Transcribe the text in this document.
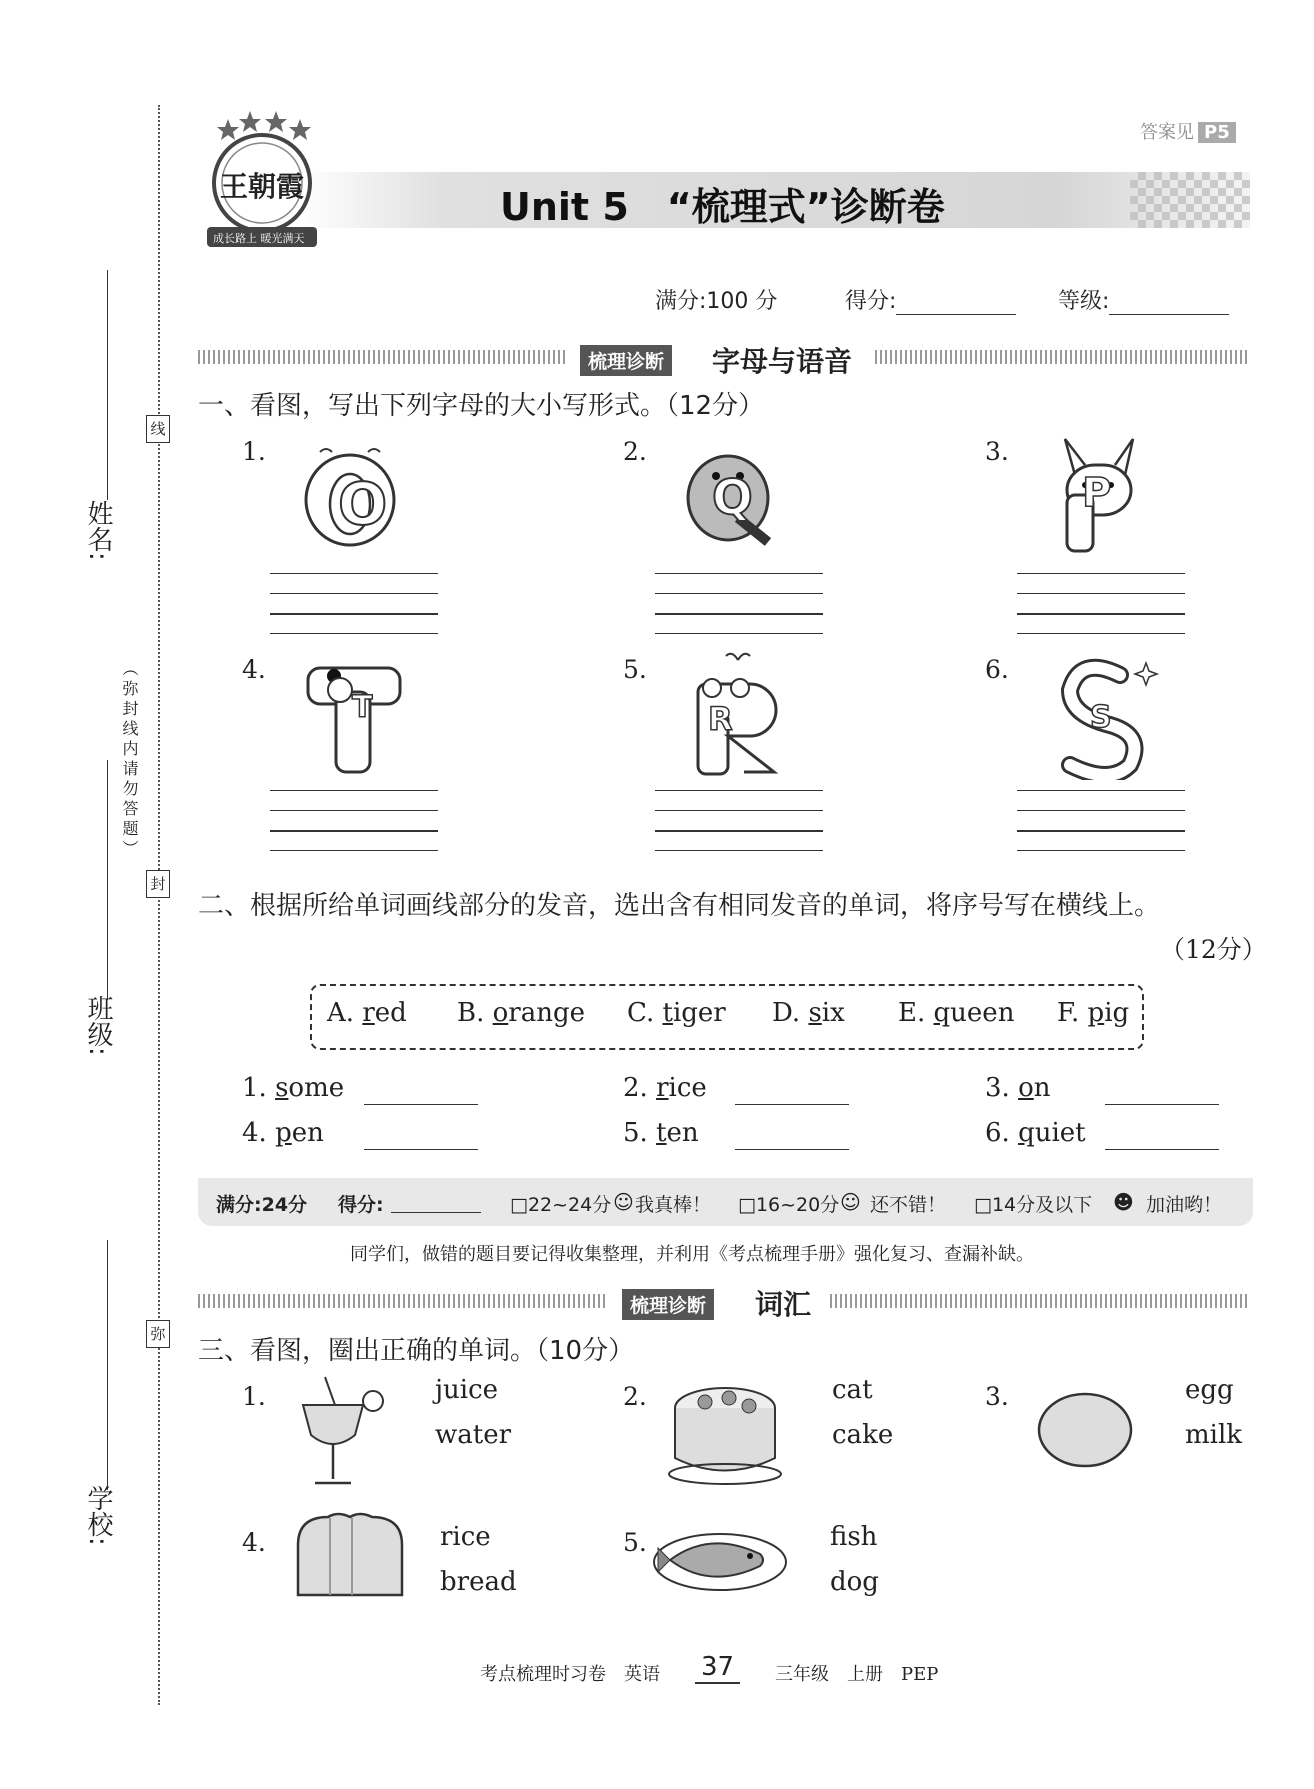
姓名:
班级:
学校:
（弥封线内请勿答题）
线
封
弥
王朝霞
成长路上 暖光满天
答案见 P5
Unit 5　“梳理式”诊断卷
满分:100 分	得分:	等级:
梳理诊断 字母与语音
一、看图，写出下列字母的大小写形式。（12分）
1.	2.	3.
4.	5.	6.
O	Q	P
T	R	S
二、根据所给单词画线部分的发音，选出含有相同发音的单词，将序号写在横线上。
（12分）
A. red B. orange C. tiger D. six E. queen F. pig
1. some	2. rice	3. on
4. pen	5. ten	6. quiet
满分:24分 得分:	□22~24分 ☺ 我真棒！ □16~20分 ☺ 还不错！ □14分及以下 ☻ 加油哟！
同学们，做错的题目要记得收集整理，并利用《考点梳理手册》强化复习、查漏补缺。
梳理诊断 词汇
三、看图，圈出正确的单词。（10分）
1.	juice
water
2.	cat
cake
3.	egg
milk
4.	rice
bread
5.	fish
dog
考点梳理时习卷　英语 37	三年级　上册　PEP
